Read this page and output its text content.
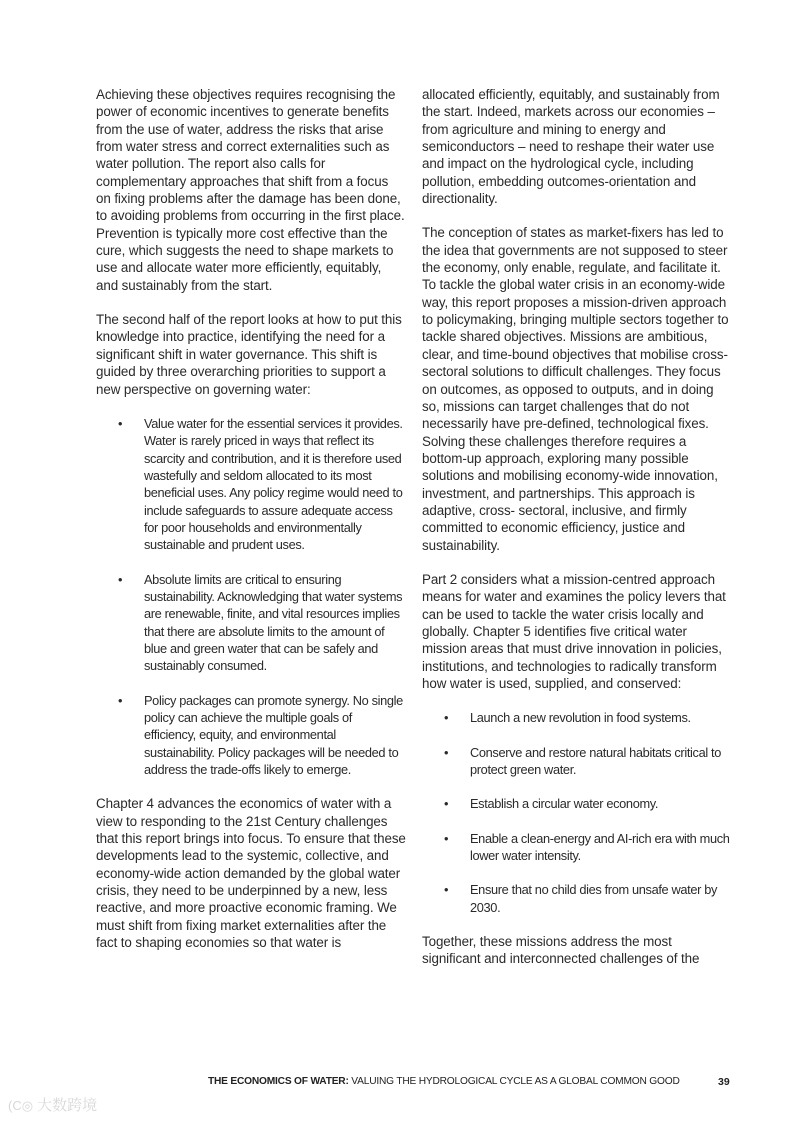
Achieving these objectives requires recognising the power of economic incentives to generate benefits from the use of water, address the risks that arise from water stress and correct externalities such as water pollution. The report also calls for complementary approaches that shift from a focus on fixing problems after the damage has been done, to avoiding problems from occurring in the first place. Prevention is typically more cost effective than the cure, which suggests the need to shape markets to use and allocate water more efficiently, equitably, and sustainably from the start.

The second half of the report looks at how to put this knowledge into practice, identifying the need for a significant shift in water governance. This shift is guided by three overarching priorities to support a new perspective on governing water:

• Value water for the essential services it provides. Water is rarely priced in ways that reflect its scarcity and contribution, and it is therefore used wastefully and seldom allocated to its most beneficial uses. Any policy regime would need to include safeguards to assure adequate access for poor households and environmentally sustainable and prudent uses.
• Absolute limits are critical to ensuring sustainability. Acknowledging that water systems are renewable, finite, and vital resources implies that there are absolute limits to the amount of blue and green water that can be safely and sustainably consumed.
• Policy packages can promote synergy. No single policy can achieve the multiple goals of efficiency, equity, and environmental sustainability. Policy packages will be needed to address the trade-offs likely to emerge.

Chapter 4 advances the economics of water with a view to responding to the 21st Century challenges that this report brings into focus. To ensure that these developments lead to the systemic, collective, and economy-wide action demanded by the global water crisis, they need to be underpinned by a new, less reactive, and more proactive economic framing. We must shift from fixing market externalities after the fact to shaping economies so that water is

allocated efficiently, equitably, and sustainably from the start. Indeed, markets across our economies – from agriculture and mining to energy and semiconductors – need to reshape their water use and impact on the hydrological cycle, including pollution, embedding outcomes-orientation and directionality.

The conception of states as market-fixers has led to the idea that governments are not supposed to steer the economy, only enable, regulate, and facilitate it. To tackle the global water crisis in an economy-wide way, this report proposes a mission-driven approach to policymaking, bringing multiple sectors together to tackle shared objectives. Missions are ambitious, clear, and time-bound objectives that mobilise cross-sectoral solutions to difficult challenges. They focus on outcomes, as opposed to outputs, and in doing so, missions can target challenges that do not necessarily have pre-defined, technological fixes. Solving these challenges therefore requires a bottom-up approach, exploring many possible solutions and mobilising economy-wide innovation, investment, and partnerships. This approach is adaptive, cross- sectoral, inclusive, and firmly committed to economic efficiency, justice and sustainability.

Part 2 considers what a mission-centred approach means for water and examines the policy levers that can be used to tackle the water crisis locally and globally. Chapter 5 identifies five critical water mission areas that must drive innovation in policies, institutions, and technologies to radically transform how water is used, supplied, and conserved:

• Launch a new revolution in food systems.
• Conserve and restore natural habitats critical to protect green water.
• Establish a circular water economy.
• Enable a clean-energy and AI-rich era with much lower water intensity.
• Ensure that no child dies from unsafe water by 2030.

Together, these missions address the most significant and interconnected challenges of the

THE ECONOMICS OF WATER: VALUING THE HYDROLOGICAL CYCLE AS A GLOBAL COMMON GOOD	39
(C◎ 大数跨境
